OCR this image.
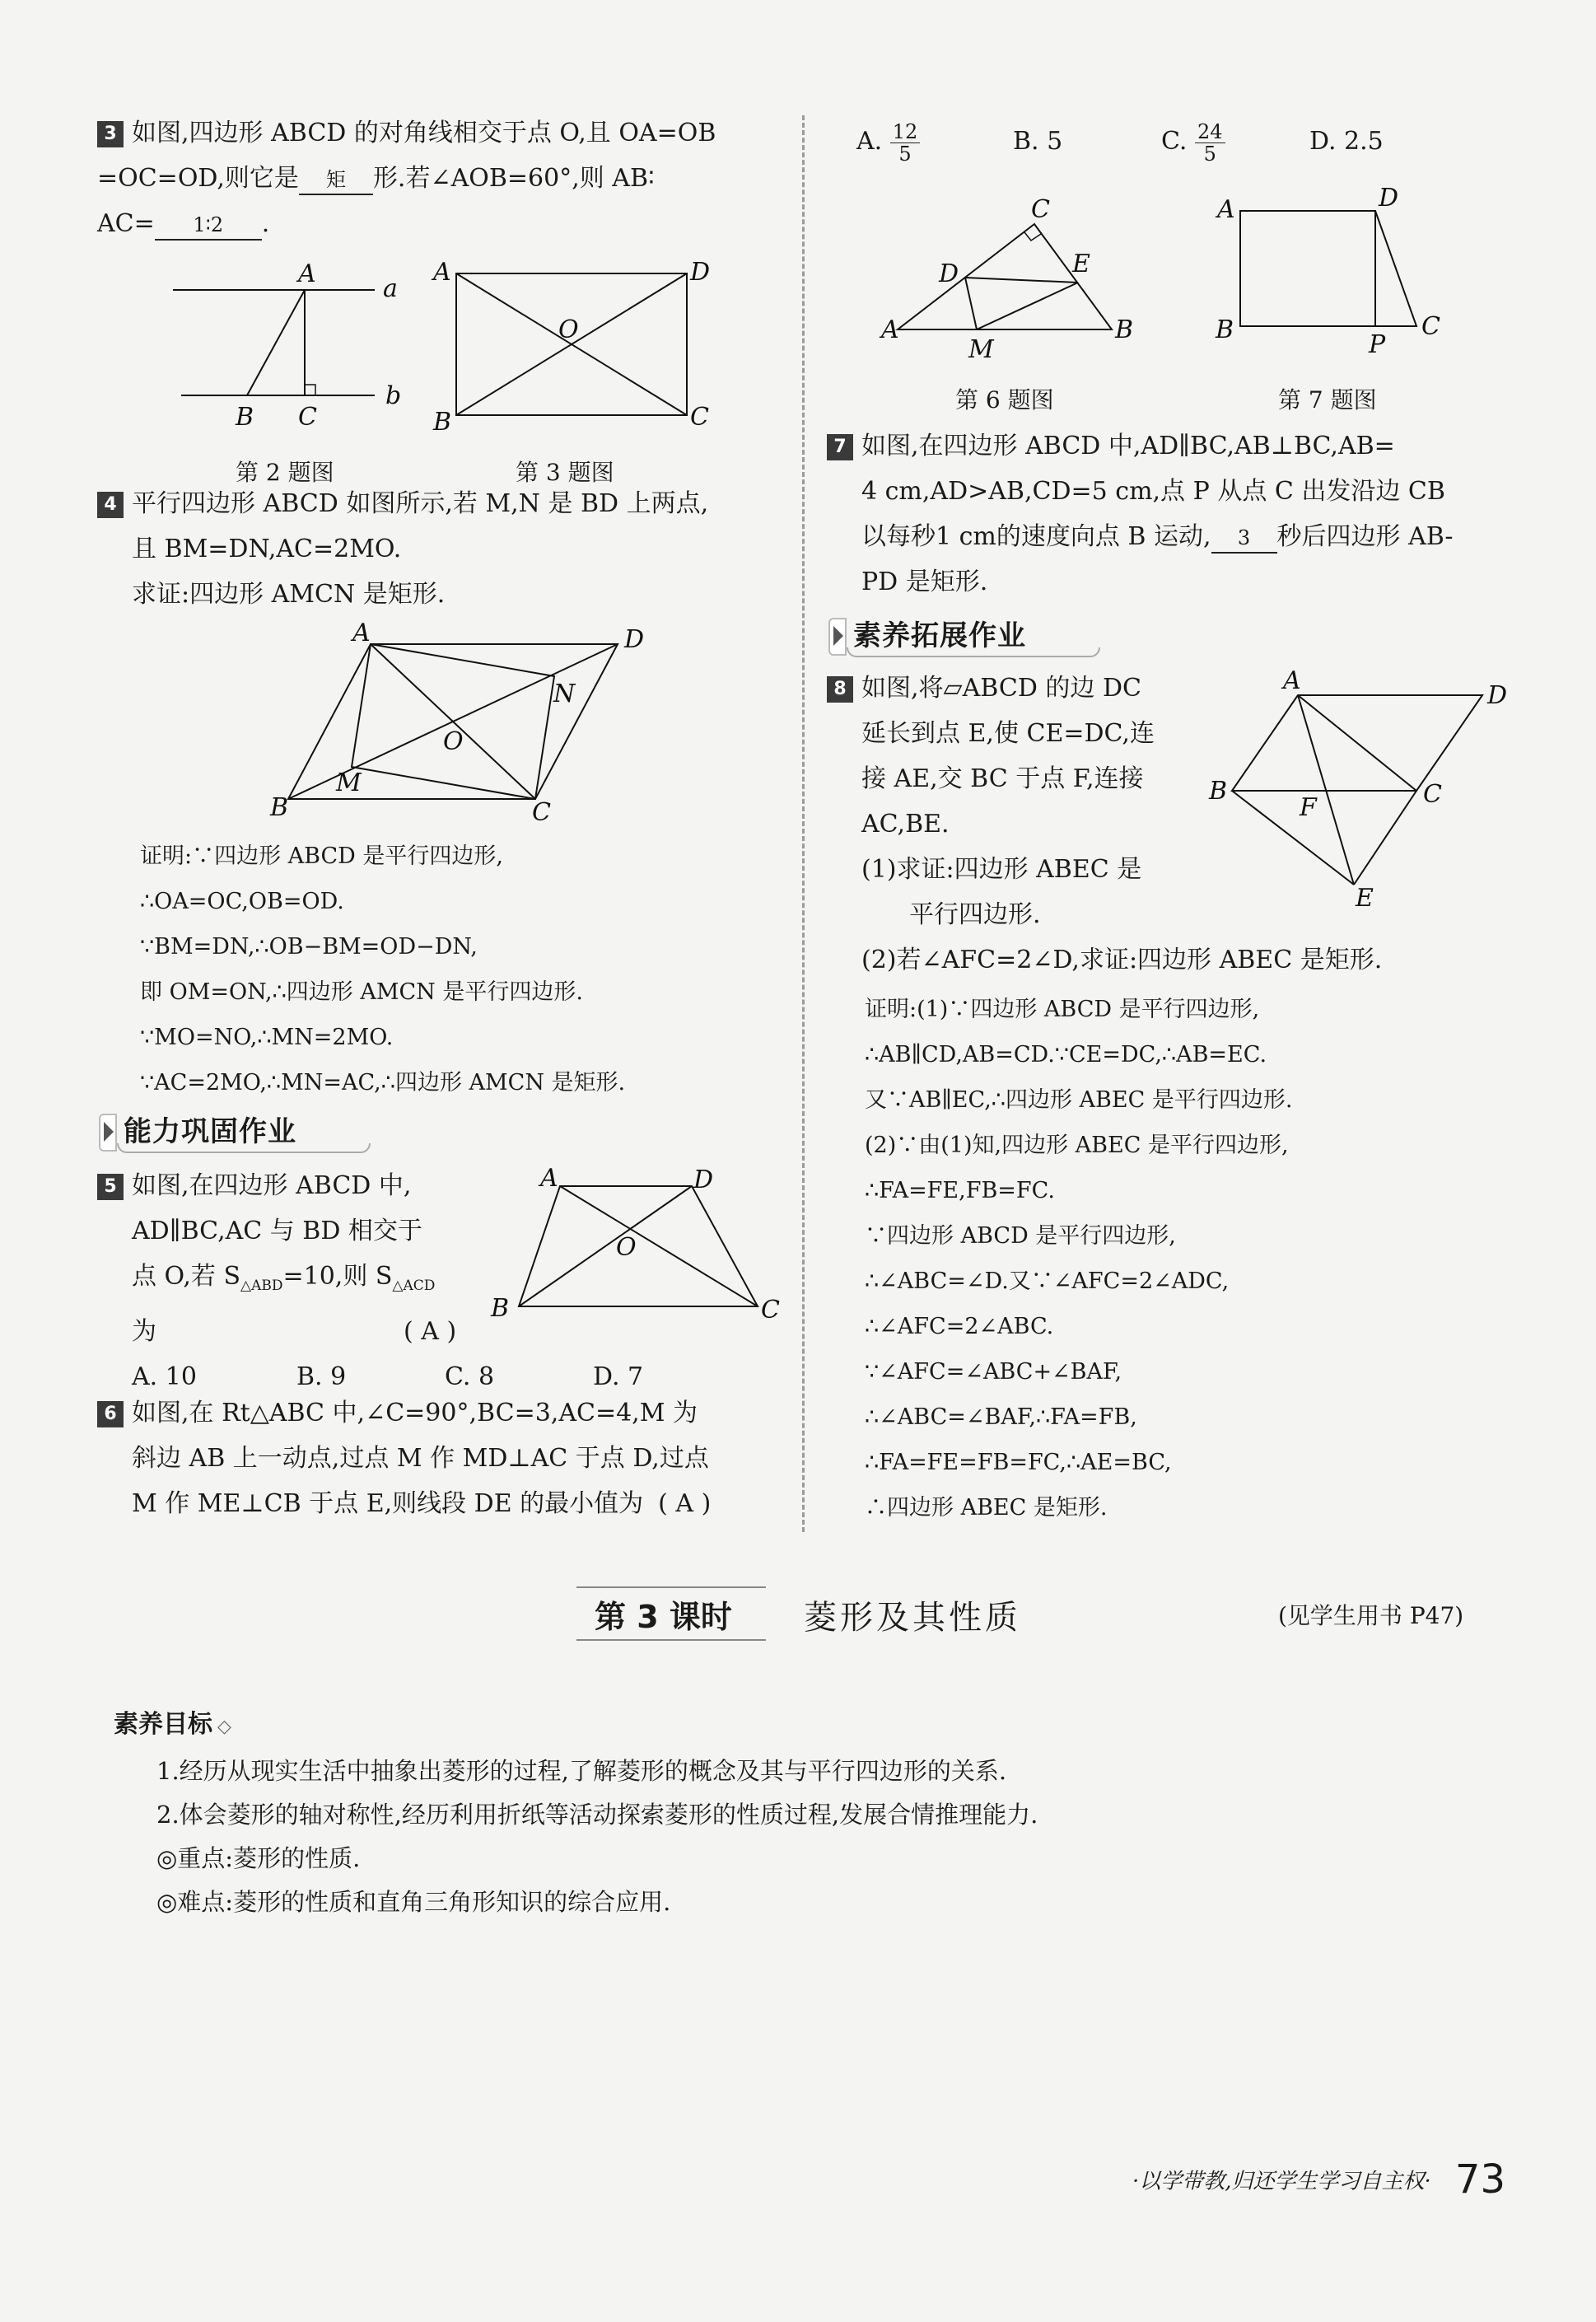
3 如图,四边形 ABCD 的对角线相交于点 O,且 OA=OB
=OC=OD,则它是 矩 形.若∠AOB=60°,则 AB∶
AC= 1∶2 .
A
a
B C
b
第 2 题图
A	D
O
B	C
第 3 题图
4 平行四边形 ABCD 如图所示,若 M,N 是 BD 上两点,
且 BM=DN,AC=2MO.
求证:四边形 AMCN 是矩形.
A	D
N
O
M
B	C
证明:∵四边形 ABCD 是平行四边形,
∴OA=OC,OB=OD.
∵BM=DN,∴OB−BM=OD−DN,
即 OM=ON,∴四边形 AMCN 是平行四边形.
∵MO=NO,∴MN=2MO.
∵AC=2MO,∴MN=AC,∴四边形 AMCN 是矩形.
能力巩固作业
5 如图,在四边形 ABCD 中,
AD∥BC,AC 与 BD 相交于
点 O,若 $S_{\triangle ABD}=10$,则 $S_{\triangle ACD}$
为	( A )
A. 10	B. 9	C. 8	D. 7
A	D
O
B	C
6 如图,在 Rt△ABC 中,∠C=90°,BC=3,AC=4,M 为
斜边 AB 上一动点,过点 M 作 MD⊥AC 于点 D,过点
M 作 ME⊥CB 于点 E,则线段 DE 的最小值为 ( A )
A. $\frac{12}{5}$	B. 5	C. $\frac{24}{5}$	D. 2.5
C
D	E
A
M
B
第 6 题图
A	D
B
P
C
第 7 题图
7 如图,在四边形 ABCD 中,AD∥BC,AB⊥BC,AB=
4 cm,AD>AB,CD=5 cm,点 P 从点 C 出发沿边 CB
以每秒1 cm的速度向点 B 运动, 3 秒后四边形 AB-
PD 是矩形.
素养拓展作业
8 如图,将▱ABCD 的边 DC
延长到点 E,使 CE=DC,连
接 AE,交 BC 于点 F,连接
AC,BE.
(1)求证:四边形 ABEC 是
平行四边形.
(2)若∠AFC=2∠D,求证:四边形 ABEC 是矩形.
A
D
B
F	C
E
证明:(1)∵四边形 ABCD 是平行四边形,
∴AB∥CD,AB=CD.∵CE=DC,∴AB=EC.
又∵AB∥EC,∴四边形 ABEC 是平行四边形.
(2)∵由(1)知,四边形 ABEC 是平行四边形,
∴FA=FE,FB=FC.
∵四边形 ABCD 是平行四边形,
∴∠ABC=∠D.又∵∠AFC=2∠ADC,
∴∠AFC=2∠ABC.
∵∠AFC=∠ABC+∠BAF,
∴∠ABC=∠BAF,∴FA=FB,
∴FA=FE=FB=FC,∴AE=BC,
∴四边形 ABEC 是矩形.
第 3 课时 菱形及其性质	(见学生用书 P47)
素养目标 ◇
1.经历从现实生活中抽象出菱形的过程,了解菱形的概念及其与平行四边形的关系.
2.体会菱形的轴对称性,经历利用折纸等活动探索菱形的性质过程,发展合情推理能力.
◎重点:菱形的性质.
◎难点:菱形的性质和直角三角形知识的综合应用.
·以学带教,归还学生学习自主权· 73
